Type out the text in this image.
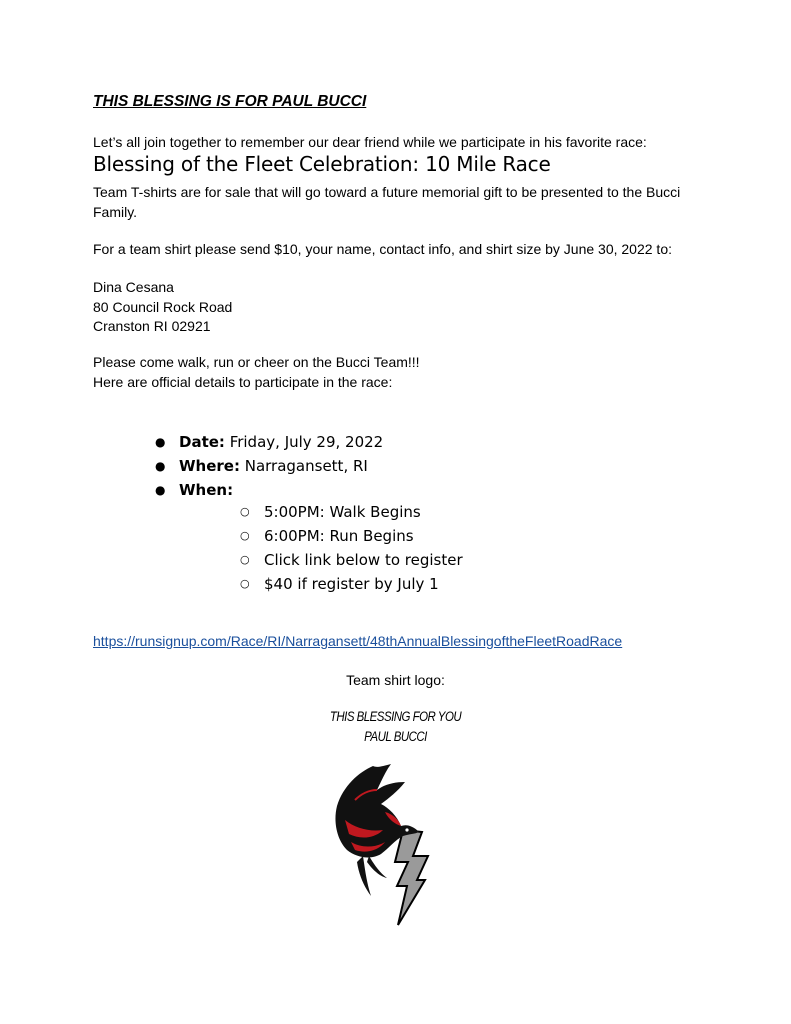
THIS BLESSING IS FOR PAUL BUCCI
Let’s all join together to remember our dear friend while we participate in his favorite race:
Blessing of the Fleet Celebration: 10 Mile Race
Team T-shirts are for sale that will go toward a future memorial gift to be presented to the Bucci Family.
For a team shirt please send $10, your name, contact info, and shirt size by June 30, 2022 to:
Dina Cesana
80 Council Rock Road
Cranston RI 02921
Please come walk, run or cheer on the Bucci Team!!!
Here are official details to participate in the race:
● Date: Friday, July 29, 2022
● Where: Narragansett, RI
● When:
○ 5:00PM: Walk Begins
○ 6:00PM: Run Begins
○ Click link below to register
○ $40 if register by July 1
https://runsignup.com/Race/RI/Narragansett/48thAnnualBlessingoftheFleetRoadRace
Team shirt logo:
THIS BLESSING FOR YOU
PAUL BUCCI
